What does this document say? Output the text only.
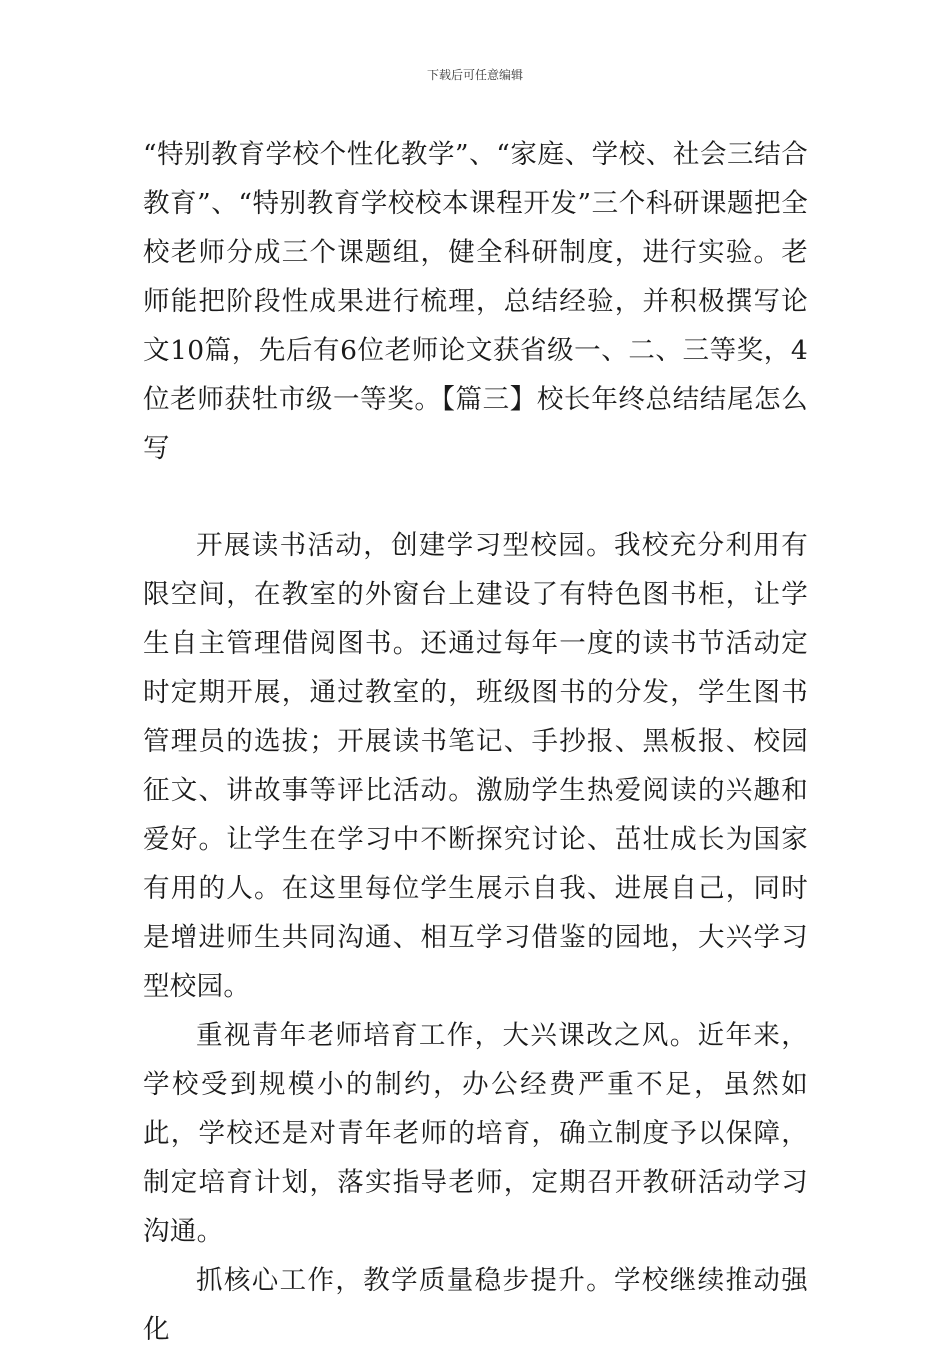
下载后可任意编辑

“特别教育学校个性化教学”、“家庭、学校、社会三结合教育”、“特别教育学校校本课程开发”三个科研课题把全校老师分成三个课题组，健全科研制度，进行实验。老师能把阶段性成果进行梳理，总结经验，并积极撰写论文10篇，先后有6位老师论文获省级一、二、三等奖，4位老师获牡市级一等奖。【篇三】校长年终总结结尾怎么写

开展读书活动，创建学习型校园。我校充分利用有限空间，在教室的外窗台上建设了有特色图书柜，让学生自主管理借阅图书。还通过每年一度的读书节活动定时定期开展，通过教室的，班级图书的分发，学生图书管理员的选拔；开展读书笔记、手抄报、黑板报、校园征文、讲故事等评比活动。激励学生热爱阅读的兴趣和爱好。让学生在学习中不断探究讨论、茁壮成长为国家有用的人。在这里每位学生展示自我、进展自己，同时是增进师生共同沟通、相互学习借鉴的园地，大兴学习型校园。

重视青年老师培育工作，大兴课改之风。近年来，学校受到规模小的制约，办公经费严重不足，虽然如此，学校还是对青年老师的培育，确立制度予以保障，制定培育计划，落实指导老师，定期召开教研活动学习沟通。

抓核心工作，教学质量稳步提升。学校继续推动强化
